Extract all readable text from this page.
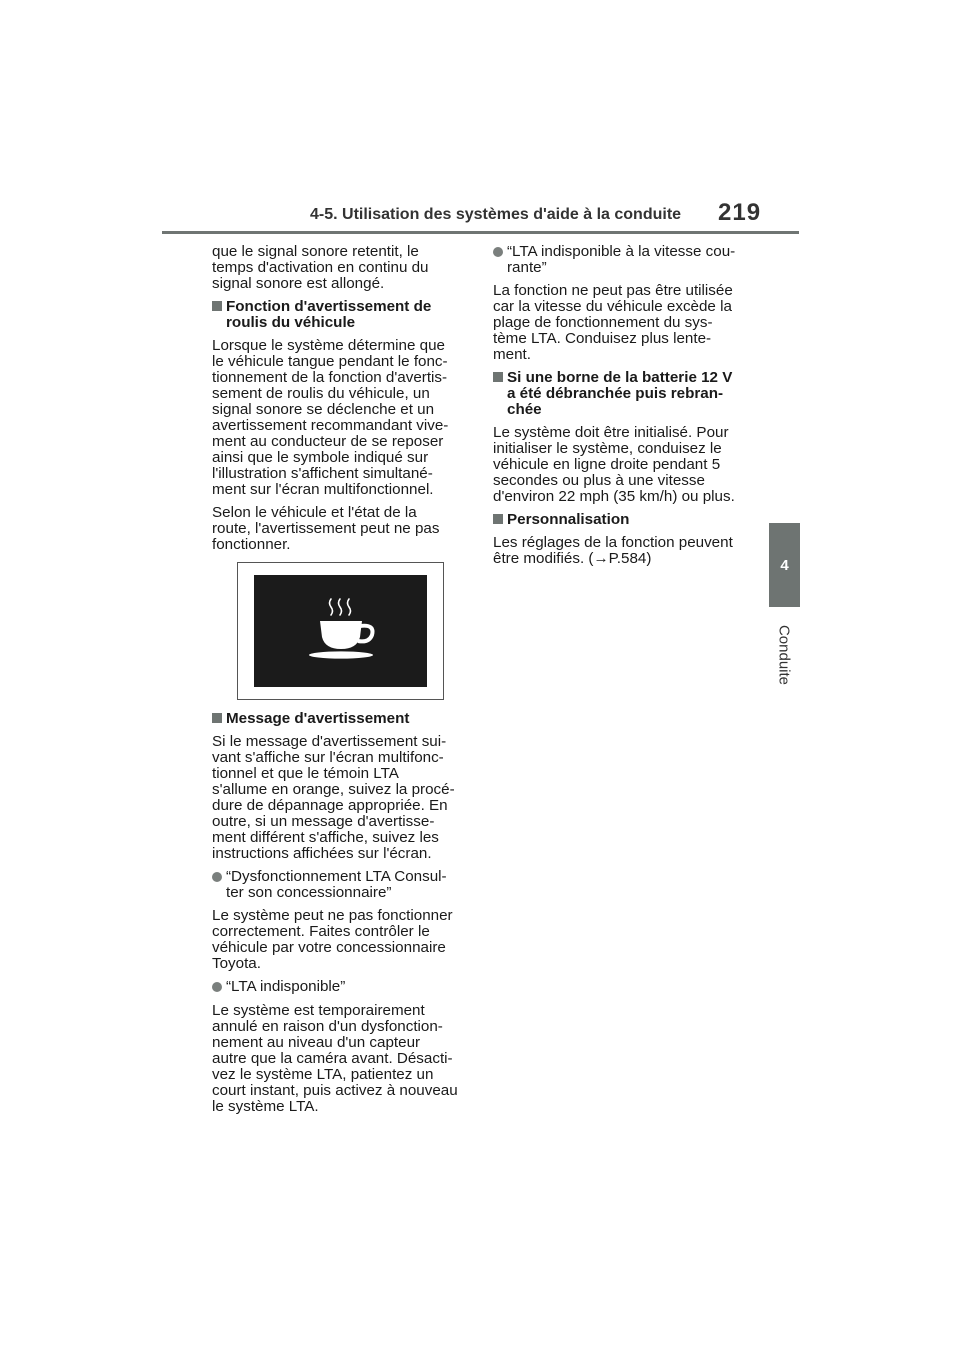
4-5. Utilisation des systèmes d'aide à la conduite 219
4
Conduite

que le signal sonore retentit, le
temps d'activation en continu du
signal sonore est allongé.

Fonction d'avertissement de
roulis du véhicule

Lorsque le système détermine que
le véhicule tangue pendant le fonc-
tionnement de la fonction d'avertis-
sement de roulis du véhicule, un
signal sonore se déclenche et un
avertissement recommandant vive-
ment au conducteur de se reposer
ainsi que le symbole indiqué sur
l'illustration s'affichent simultané-
ment sur l'écran multifonctionnel.

Selon le véhicule et l'état de la
route, l'avertissement peut ne pas
fonctionner.

Message d'avertissement

Si le message d'avertissement sui-
vant s'affiche sur l'écran multifonc-
tionnel et que le témoin LTA
s'allume en orange, suivez la procé-
dure de dépannage appropriée. En
outre, si un message d'avertisse-
ment différent s'affiche, suivez les
instructions affichées sur l'écran.

“Dysfonctionnement LTA Consul-
ter son concessionnaire”

Le système peut ne pas fonctionner
correctement. Faites contrôler le
véhicule par votre concessionnaire
Toyota.

“LTA indisponible”

Le système est temporairement
annulé en raison d'un dysfonction-
nement au niveau d'un capteur
autre que la caméra avant. Désacti-
vez le système LTA, patientez un
court instant, puis activez à nouveau
le système LTA.

“LTA indisponible à la vitesse cou-
rante”

La fonction ne peut pas être utilisée
car la vitesse du véhicule excède la
plage de fonctionnement du sys-
tème LTA. Conduisez plus lente-
ment.

Si une borne de la batterie 12 V
a été débranchée puis rebran-
chée

Le système doit être initialisé. Pour
initialiser le système, conduisez le
véhicule en ligne droite pendant 5
secondes ou plus à une vitesse
d'environ 22 mph (35 km/h) ou plus.

Personnalisation

Les réglages de la fonction peuvent
être modifiés. (→P.584)
